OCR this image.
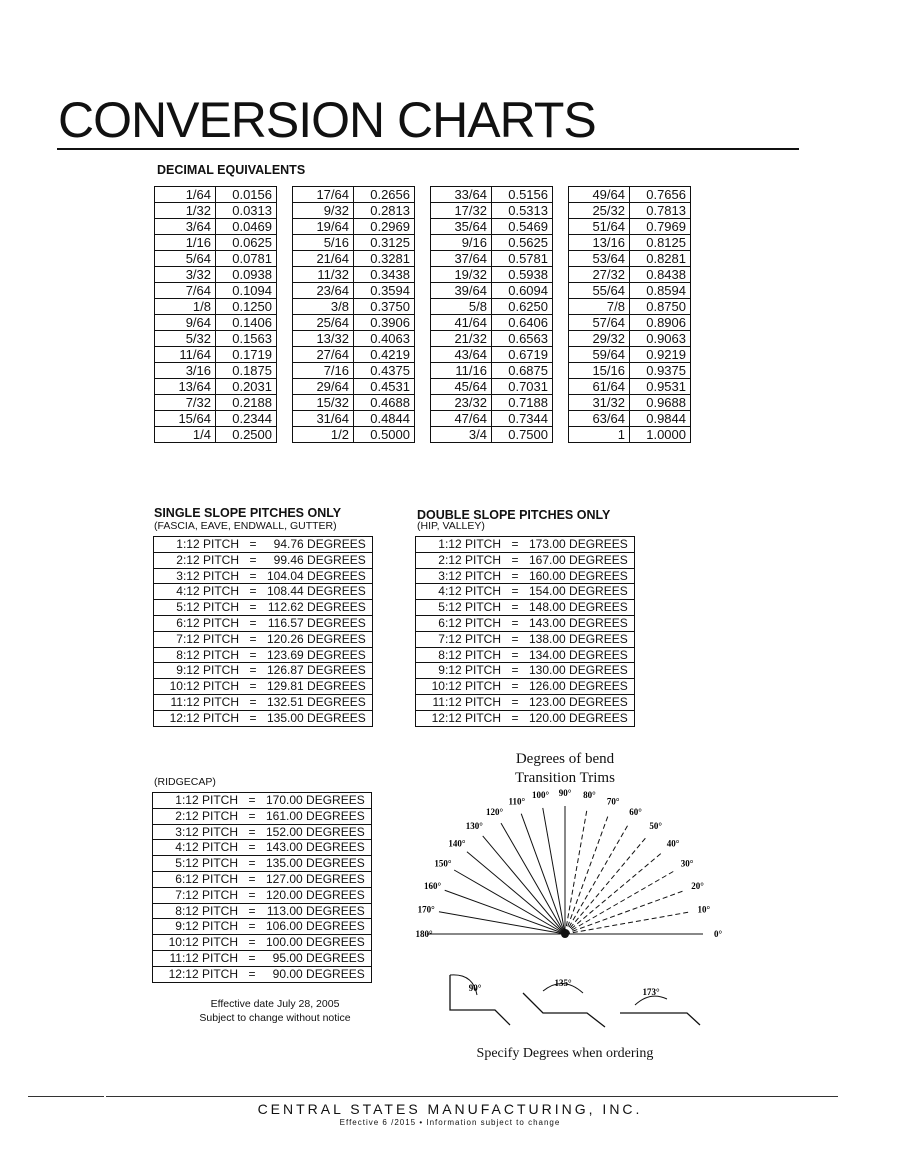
CONVERSION CHARTS
DECIMAL EQUIVALENTS
1/64	0.0156
1/32	0.0313
3/64	0.0469
1/16	0.0625
5/64	0.0781
3/32	0.0938
7/64	0.1094
1/8	0.1250
9/64	0.1406
5/32	0.1563
11/64	0.1719
3/16	0.1875
13/64	0.2031
7/32	0.2188
15/64	0.2344
1/4	0.2500
17/64	0.2656
9/32	0.2813
19/64	0.2969
5/16	0.3125
21/64	0.3281
11/32	0.3438
23/64	0.3594
3/8	0.3750
25/64	0.3906
13/32	0.4063
27/64	0.4219
7/16	0.4375
29/64	0.4531
15/32	0.4688
31/64	0.4844
1/2	0.5000
33/64	0.5156
17/32	0.5313
35/64	0.5469
9/16	0.5625
37/64	0.5781
19/32	0.5938
39/64	0.6094
5/8	0.6250
41/64	0.6406
21/32	0.6563
43/64	0.6719
11/16	0.6875
45/64	0.7031
23/32	0.7188
47/64	0.7344
3/4	0.7500
49/64	0.7656
25/32	0.7813
51/64	0.7969
13/16	0.8125
53/64	0.8281
27/32	0.8438
55/64	0.8594
7/8	0.8750
57/64	0.8906
29/32	0.9063
59/64	0.9219
15/16	0.9375
61/64	0.9531
31/32	0.9688
63/64	0.9844
1	1.0000
SINGLE SLOPE PITCHES ONLY
(FASCIA, EAVE, ENDWALL, GUTTER)
1:12 PITCH	=	94.76 DEGREES
2:12 PITCH	=	99.46 DEGREES
3:12 PITCH	=	104.04 DEGREES
4:12 PITCH	=	108.44 DEGREES
5:12 PITCH	=	112.62 DEGREES
6:12 PITCH	=	116.57 DEGREES
7:12 PITCH	=	120.26 DEGREES
8:12 PITCH	=	123.69 DEGREES
9:12 PITCH	=	126.87 DEGREES
10:12 PITCH	=	129.81 DEGREES
11:12 PITCH	=	132.51 DEGREES
12:12 PITCH	=	135.00 DEGREES
DOUBLE SLOPE PITCHES ONLY
(HIP, VALLEY)
1:12 PITCH	=	173.00 DEGREES
2:12 PITCH	=	167.00 DEGREES
3:12 PITCH	=	160.00 DEGREES
4:12 PITCH	=	154.00 DEGREES
5:12 PITCH	=	148.00 DEGREES
6:12 PITCH	=	143.00 DEGREES
7:12 PITCH	=	138.00 DEGREES
8:12 PITCH	=	134.00 DEGREES
9:12 PITCH	=	130.00 DEGREES
10:12 PITCH	=	126.00 DEGREES
11:12 PITCH	=	123.00 DEGREES
12:12 PITCH	=	120.00 DEGREES
(RIDGECAP)
1:12 PITCH	=	170.00 DEGREES
2:12 PITCH	=	161.00 DEGREES
3:12 PITCH	=	152.00 DEGREES
4:12 PITCH	=	143.00 DEGREES
5:12 PITCH	=	135.00 DEGREES
6:12 PITCH	=	127.00 DEGREES
7:12 PITCH	=	120.00 DEGREES
8:12 PITCH	=	113.00 DEGREES
9:12 PITCH	=	106.00 DEGREES
10:12 PITCH	=	100.00 DEGREES
11:12 PITCH	=	95.00 DEGREES
12:12 PITCH	=	90.00 DEGREES
Effective date July 28, 2005
Subject to change without notice
Degrees of bend
Transition Trims
0°
10°
20°
30°
40°
50°
60°
70°
80°
90°
100°
110°
120°
130°
140°
150°
160°
170°
180°
90°	135°
173°
Specify Degrees when ordering
CENTRAL STATES MANUFACTURING, INC.
Effective 6 /2015 • Information subject to change
